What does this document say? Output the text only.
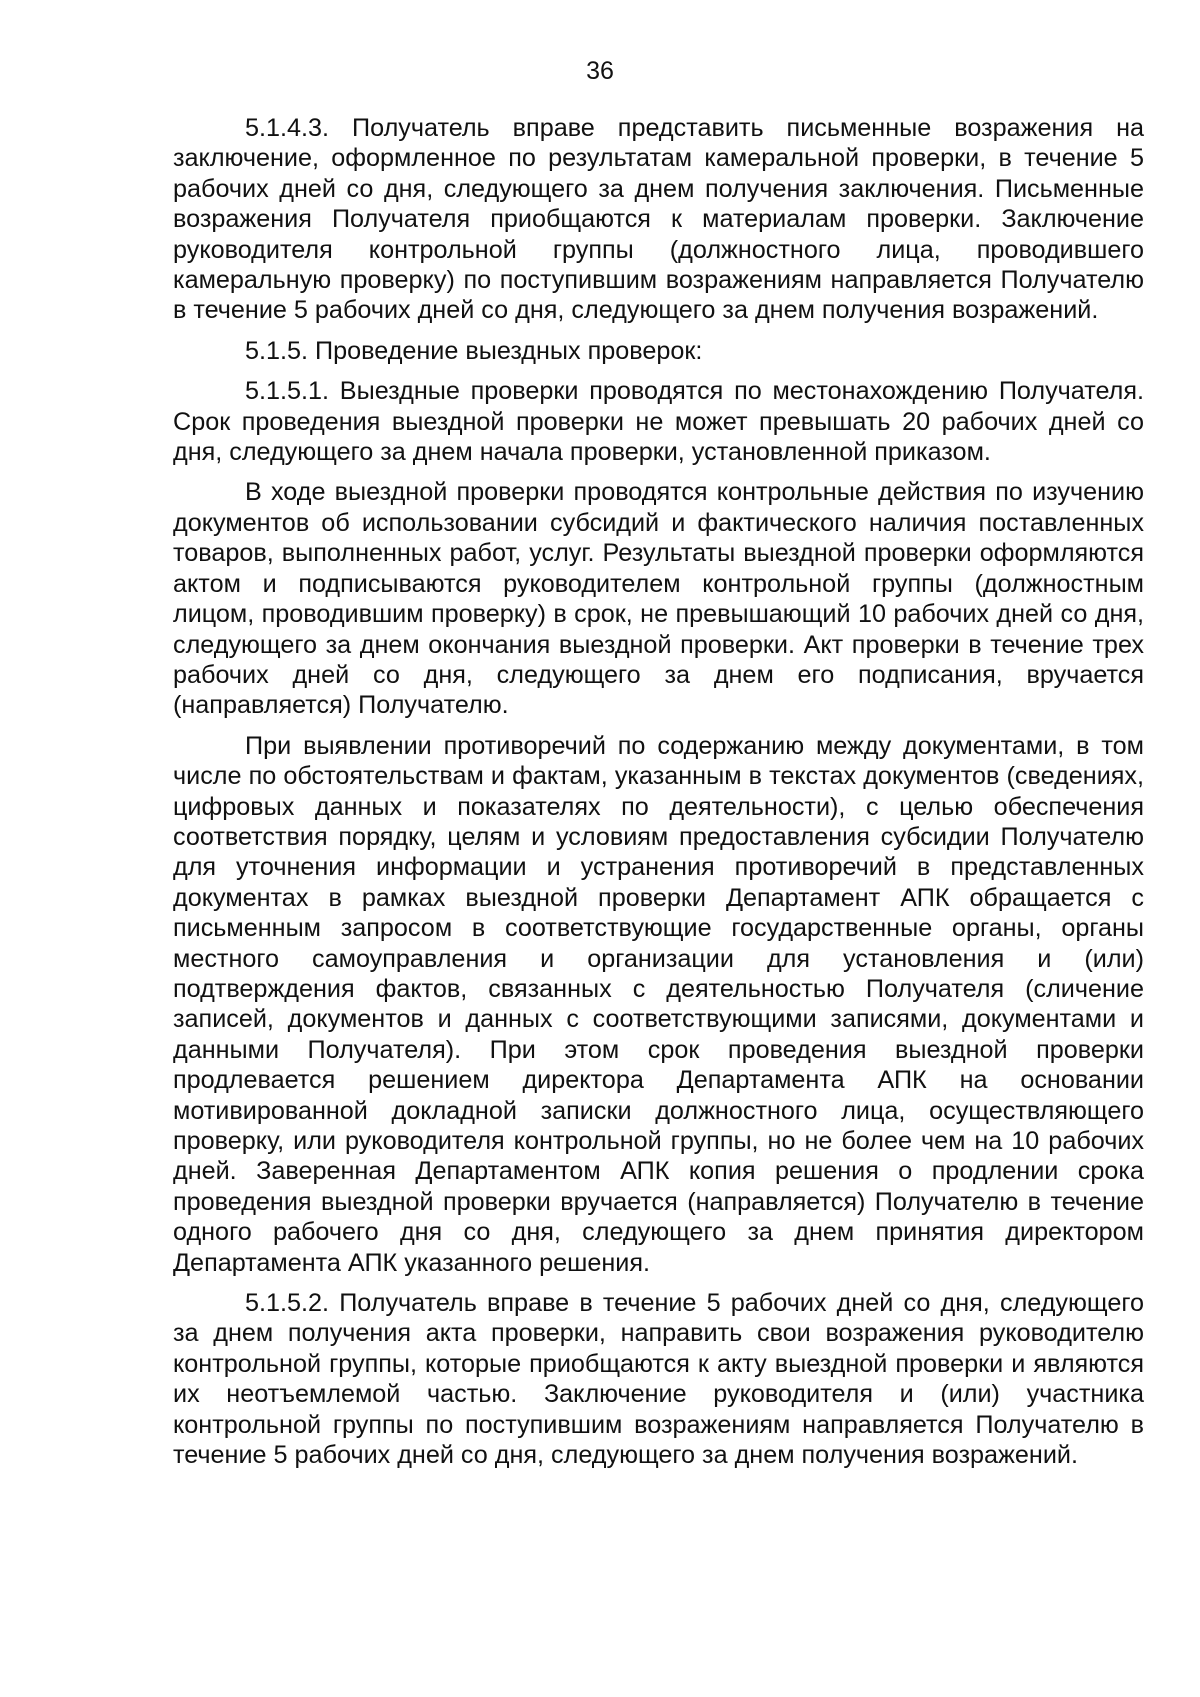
36

5.1.4.3. Получатель вправе представить письменные возражения на заключение, оформленное по результатам камеральной проверки, в течение 5 рабочих дней со дня, следующего за днем получения заключения. Письменные возражения Получателя приобщаются к материалам проверки. Заключение руководителя контрольной группы (должностного лица, проводившего камеральную проверку) по поступившим возражениям направляется Получателю в течение 5 рабочих дней со дня, следующего за днем получения возражений.

5.1.5. Проведение выездных проверок:

5.1.5.1. Выездные проверки проводятся по местонахождению Получателя. Срок проведения выездной проверки не может превышать 20 рабочих дней со дня, следующего за днем начала проверки, установленной приказом.

В ходе выездной проверки проводятся контрольные действия по изучению документов об использовании субсидий и фактического наличия поставленных товаров, выполненных работ, услуг. Результаты выездной проверки оформляются актом и подписываются руководителем контрольной группы (должностным лицом, проводившим проверку) в срок, не превышающий 10 рабочих дней со дня, следующего за днем окончания выездной проверки. Акт проверки в течение трех рабочих дней со дня, следующего за днем его подписания, вручается (направляется) Получателю.

При выявлении противоречий по содержанию между документами, в том числе по обстоятельствам и фактам, указанным в текстах документов (сведениях, цифровых данных и показателях по деятельности), с целью обеспечения соответствия порядку, целям и условиям предоставления субсидии Получателю для уточнения информации и устранения противоречий в представленных документах в рамках выездной проверки Департамент АПК обращается с письменным запросом в соответствующие государственные органы, органы местного самоуправления и организации для установления и (или) подтверждения фактов, связанных с деятельностью Получателя (сличение записей, документов и данных с соответствующими записями, документами и данными Получателя). При этом срок проведения выездной проверки продлевается решением директора Департамента АПК на основании мотивированной докладной записки должностного лица, осуществляющего проверку, или руководителя контрольной группы, но не более чем на 10 рабочих дней. Заверенная Департаментом АПК копия решения о продлении срока проведения выездной проверки вручается (направляется) Получателю в течение одного рабочего дня со дня, следующего за днем принятия директором Департамента АПК указанного решения.

5.1.5.2. Получатель вправе в течение 5 рабочих дней со дня, следующего за днем получения акта проверки, направить свои возражения руководителю контрольной группы, которые приобщаются к акту выездной проверки и являются их неотъемлемой частью. Заключение руководителя и (или) участника контрольной группы по поступившим возражениям направляется Получателю в течение 5 рабочих дней со дня, следующего за днем получения возражений.
